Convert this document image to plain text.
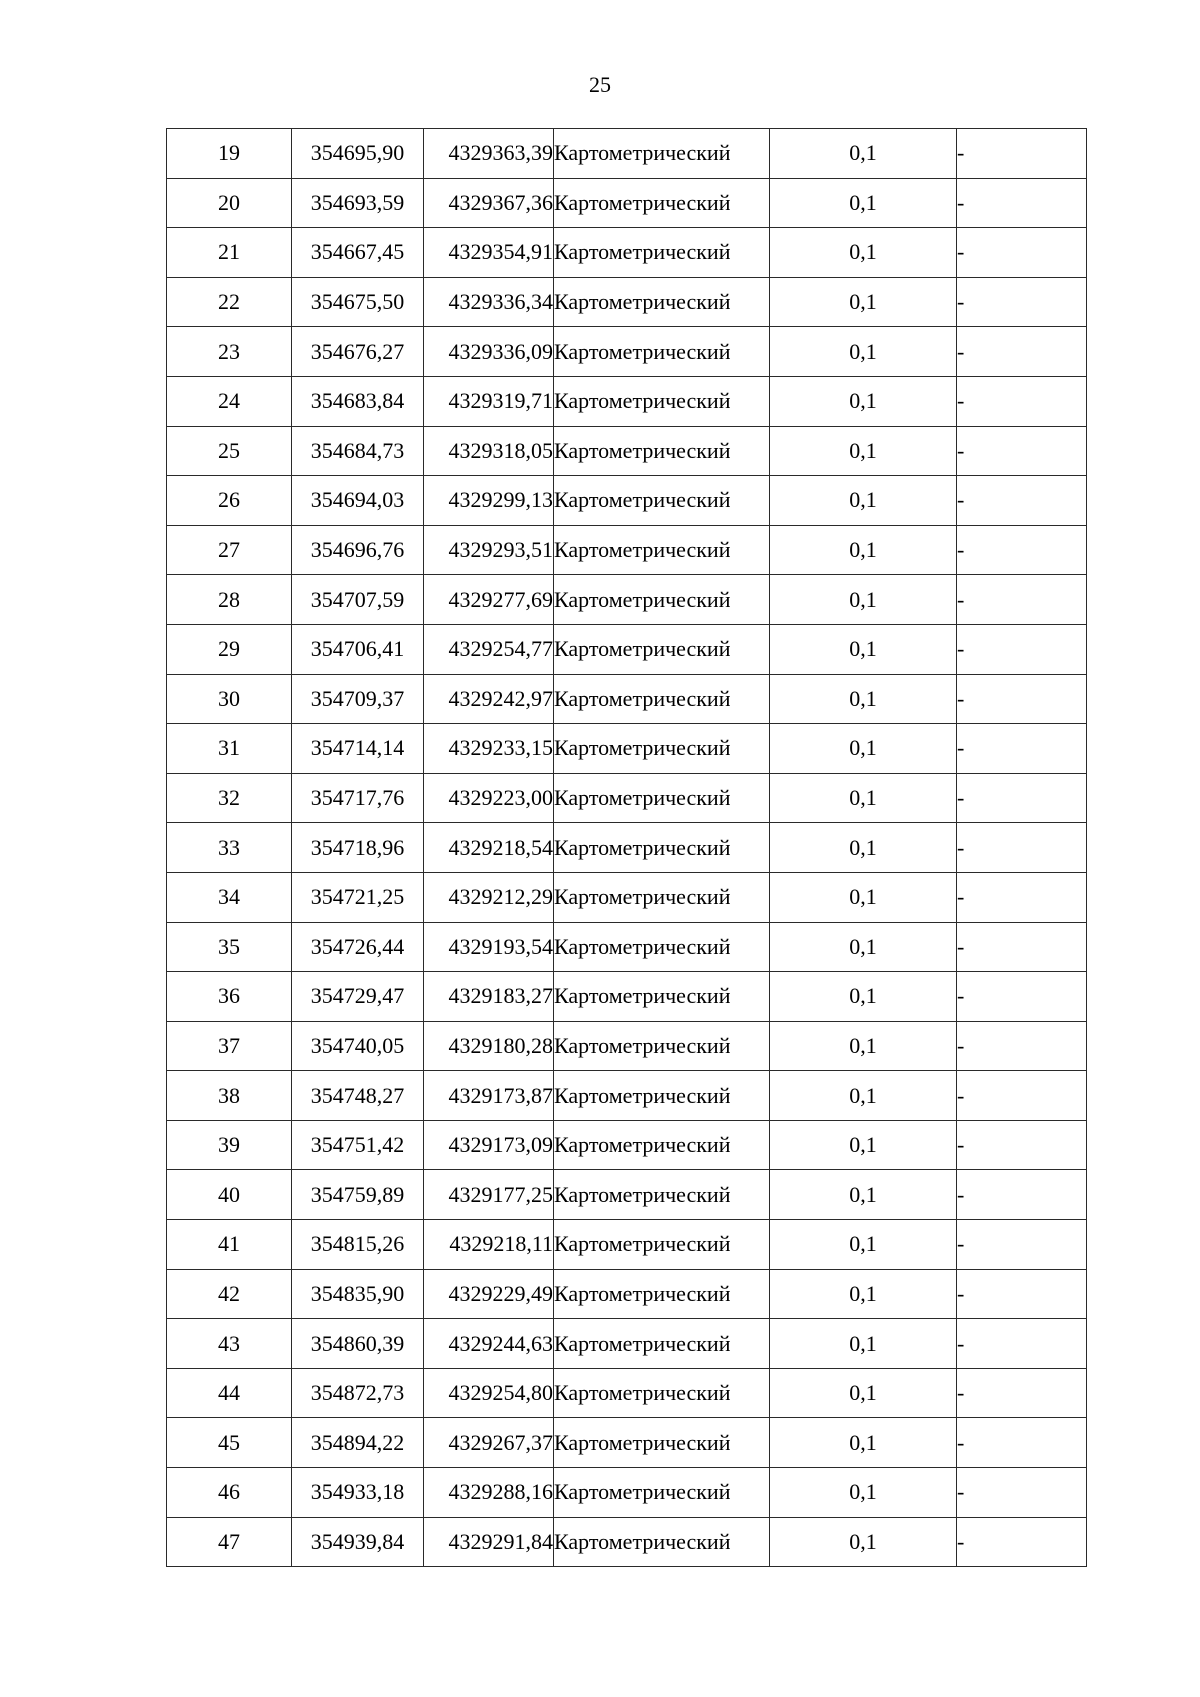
25
19	354695,90	4329363,39	Картометрический	0,1	-
20	354693,59	4329367,36	Картометрический	0,1	-
21	354667,45	4329354,91	Картометрический	0,1	-
22	354675,50	4329336,34	Картометрический	0,1	-
23	354676,27	4329336,09	Картометрический	0,1	-
24	354683,84	4329319,71	Картометрический	0,1	-
25	354684,73	4329318,05	Картометрический	0,1	-
26	354694,03	4329299,13	Картометрический	0,1	-
27	354696,76	4329293,51	Картометрический	0,1	-
28	354707,59	4329277,69	Картометрический	0,1	-
29	354706,41	4329254,77	Картометрический	0,1	-
30	354709,37	4329242,97	Картометрический	0,1	-
31	354714,14	4329233,15	Картометрический	0,1	-
32	354717,76	4329223,00	Картометрический	0,1	-
33	354718,96	4329218,54	Картометрический	0,1	-
34	354721,25	4329212,29	Картометрический	0,1	-
35	354726,44	4329193,54	Картометрический	0,1	-
36	354729,47	4329183,27	Картометрический	0,1	-
37	354740,05	4329180,28	Картометрический	0,1	-
38	354748,27	4329173,87	Картометрический	0,1	-
39	354751,42	4329173,09	Картометрический	0,1	-
40	354759,89	4329177,25	Картометрический	0,1	-
41	354815,26	4329218,11	Картометрический	0,1	-
42	354835,90	4329229,49	Картометрический	0,1	-
43	354860,39	4329244,63	Картометрический	0,1	-
44	354872,73	4329254,80	Картометрический	0,1	-
45	354894,22	4329267,37	Картометрический	0,1	-
46	354933,18	4329288,16	Картометрический	0,1	-
47	354939,84	4329291,84	Картометрический	0,1	-
